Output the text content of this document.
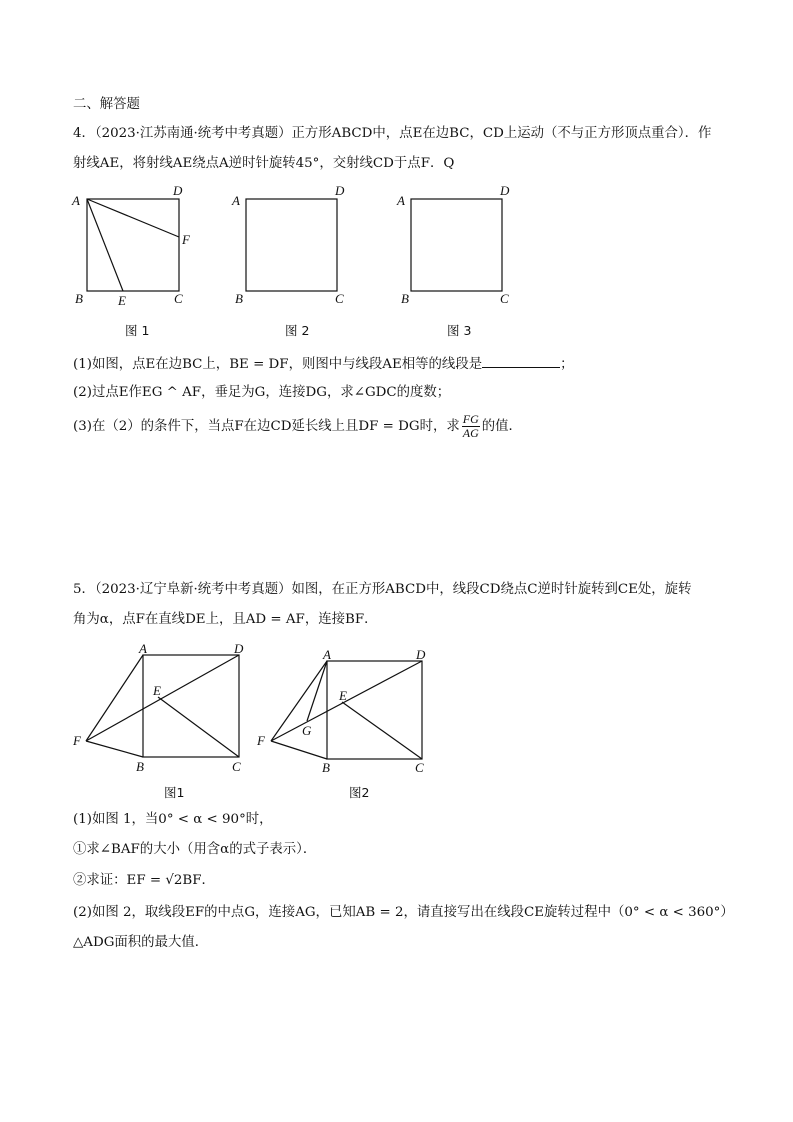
二、解答题
4．（2023·江苏南通·统考中考真题）正方形ABCD中，点E在边BC，CD上运动（不与正方形顶点重合）．作
射线AE，将射线AE绕点A逆时针旋转45°，交射线CD于点F．Q
A
D
F
B	E	C
图 1
A
D
B	C
图 2
A
D
B	C
图 3
(1)如图，点E在边BC上，BE = DF，则图中与线段AE相等的线段是	；
(2)过点E作EG ^ AF，垂足为G，连接DG，求∠GDC的度数；
(3)在（2）的条件下，当点F在边CD延长线上且DF = DG时，求 $\frac{FG}{AG}$ 的值．
5．（2023·辽宁阜新·统考中考真题）如图，在正方形ABCD中，线段CD绕点C逆时针旋转到CE处，旋转
角为α，点F在直线DE上，且AD = AF，连接BF．
A	D
E
F
B	C
图1
A	D
E
G
F
B	C
图2
(1)如图 1，当0° < α < 90°时，
①求∠BAF的大小（用含α的式子表示）．
②求证：EF = √2BF．
(2)如图 2，取线段EF的中点G，连接AG，已知AB = 2，请直接写出在线段CE旋转过程中（0° < α < 360°）
△ADG面积的最大值．
